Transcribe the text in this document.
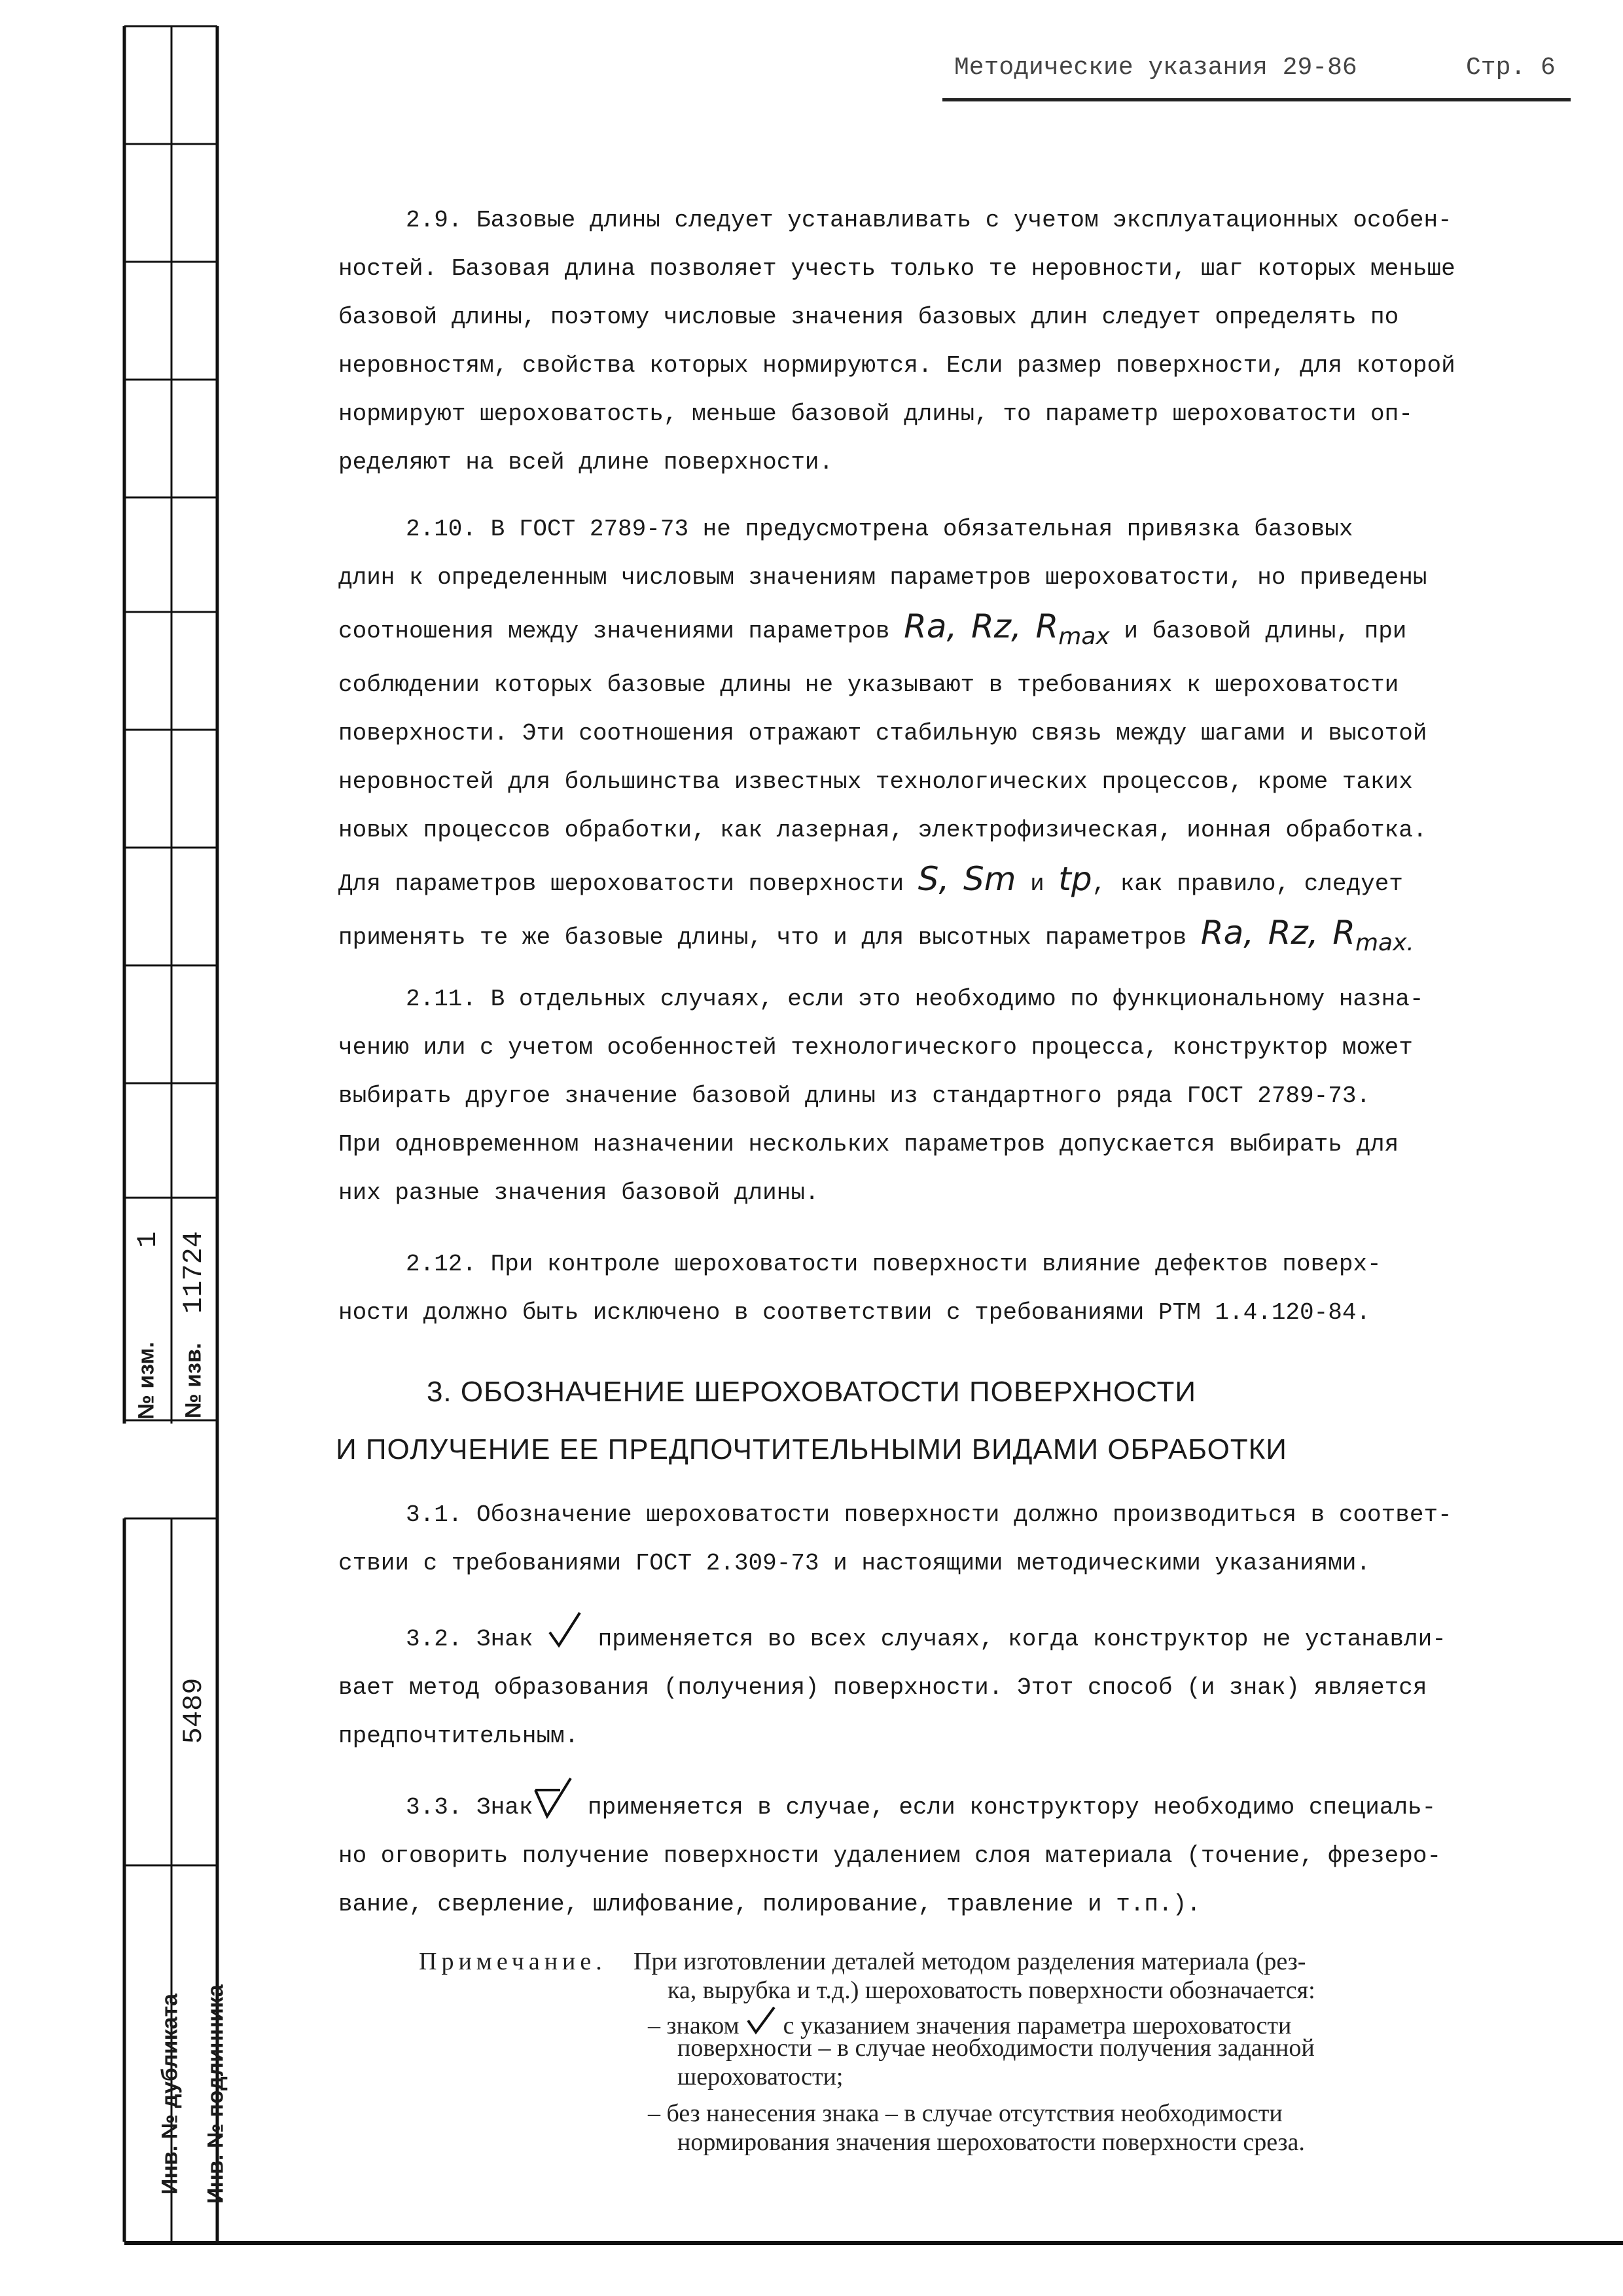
№ изм.
1
№ изв.
11724
5489
Инв. № дубликата Инв. № подлинника
Методические указания 29-86	Стр. 6
2.9. Базовые длины следует устанавливать с учетом эксплуатационных особен-
ностей. Базовая длина позволяет учесть только те неровности, шаг которых меньше
базовой длины, поэтому числовые значения базовых длин следует определять по
неровностям, свойства которых нормируются. Если размер поверхности, для которой
нормируют шероховатость, меньше базовой длины, то параметр шероховатости оп-
ределяют на всей длине поверхности.
2.10. В ГОСТ 2789-73 не предусмотрена обязательная привязка базовых
длин к определенным числовым значениям параметров шероховатости, но приведены
соотношения между значениями параметров Ra, Rz, Rmax и базовой длины, при
соблюдении которых базовые длины не указывают в требованиях к шероховатости
поверхности. Эти соотношения отражают стабильную связь между шагами и высотой
неровностей для большинства известных технологических процессов, кроме таких
новых процессов обработки, как лазерная, электрофизическая, ионная обработка.
Для параметров шероховатости поверхности S, Sm и tp, как правило, следует
применять те же базовые длины, что и для высотных параметров Ra, Rz, Rmax.
2.11. В отдельных случаях, если это необходимо по функциональному назна-
чению или с учетом особенностей технологического процесса, конструктор может
выбирать другое значение базовой длины из стандартного ряда ГОСТ 2789-73.
При одновременном назначении нескольких параметров допускается выбирать для
них разные значения базовой длины.
2.12. При контроле шероховатости поверхности влияние дефектов поверх-
ности должно быть исключено в соответствии с требованиями РТМ 1.4.120-84.
3. ОБОЗНАЧЕНИЕ ШЕРОХОВАТОСТИ ПОВЕРХНОСТИ
И ПОЛУЧЕНИЕ ЕЕ ПРЕДПОЧТИТЕЛЬНЫМИ ВИДАМИ ОБРАБОТКИ
3.1. Обозначение шероховатости поверхности должно производиться в соответ-
ствии с требованиями ГОСТ 2.309-73 и настоящими методическими указаниями.
3.2. Знак	применяется во всех случаях, когда конструктор не устанавли-
вает метод образования (получения) поверхности. Этот способ (и знак) является
предпочтительным.
3.3. Знак применяется в случае, если конструктору необходимо специаль-
но оговорить получение поверхности удалением слоя материала (точение, фрезеро-
вание, сверление, шлифование, полирование, травление и т.п.).
Примечание. При изготовлении деталей методом разделения материала (рез-
ка, вырубка и т.д.) шероховатость поверхности обозначается:
– знаком с указанием значения параметра шероховатости
поверхности – в случае необходимости получения заданной
шероховатости;
– без нанесения знака – в случае отсутствия необходимости
нормирования значения шероховатости поверхности среза.
